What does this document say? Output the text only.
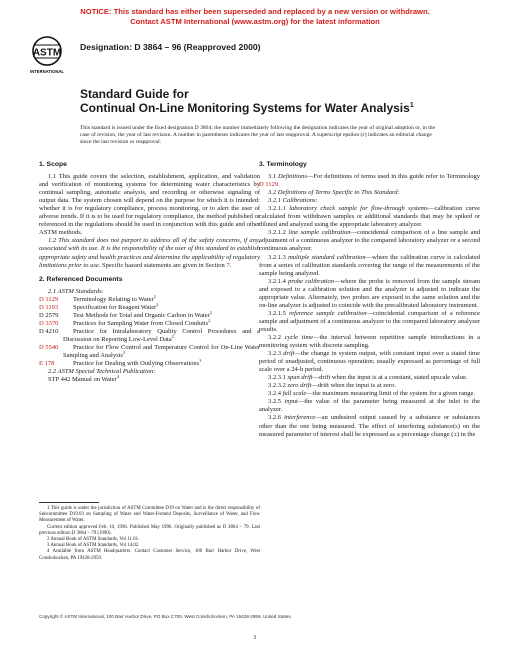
NOTICE: This standard has either been superseded and replaced by a new version or withdrawn.
Contact ASTM International (www.astm.org) for the latest information
ASTM
INTERNATIONAL
Designation: D 3864 – 96 (Reapproved 2000)
Standard Guide for
Continual On-Line Monitoring Systems for Water Analysis$^1$
This standard is issued under the fixed designation D 3864; the number immediately following the designation indicates the year of original adoption or, in the case of revision, the year of last revision. A number in parentheses indicates the year of last reapproval. A superscript epsilon (ε) indicates an editorial change since the last revision or reapproval.

1. Scope

1.1 This guide covers the selection, establishment, application, and validation and verification of monitoring systems for determining water characteristics by continual sampling, automatic analysis, and recording or otherwise signaling of output data. The system chosen will depend on the purpose for which it is intended: whether it is for regulatory compliance, process monitoring, or to alert the user of adverse trends. If it is to be used for regulatory compliance, the method published or referenced in the regulations should be used in conjunction with this guide and other ASTM methods.

1.2 This standard does not purport to address all of the safety concerns, if any, associated with its use. It is the responsibility of the user of this standard to establish appropriate safety and health practices and determine the applicability of regulatory limitations prior to use. Specific hazard statements are given in Section 7.

2. Referenced Documents

2.1 ASTM Standards:

D 1129 Terminology Relating to Water$^2$

D 1193 Specification for Reagent Water$^2$

D 2579 Test Methods for Total and Organic Carbon in Water$^2$

D 3370 Practices for Sampling Water from Closed Conduits$^2$

D 4210 Practice for Intralaboratory Quality Control Procedures and a Discussion on Reporting Low-Level Data$^2$

D 5540 Practice for Flow Control and Temperature Control for On-Line Water Sampling and Analysis$^2$

E 178	Practice for Dealing with Outlying Observations$^3$

2.2 ASTM Special Technical Publication:

STP 442 Manual on Water$^4$

3. Terminology

3.1 Definitions—For definitions of terms used in this guide refer to Terminology D 1129.

3.2 Definitions of Terms Specific to This Standard:

3.2.1 Calibrations:

3.2.1.1 laboratory check sample for flow-through systems—calibration curve calculated from withdrawn samples or additional standards that may be spiked or diluted and analyzed using the appropriate laboratory analyzer.

3.2.1.2 line sample calibration—coincidental comparison of a line sample and adjustment of a continuous analyzer to the compared laboratory analyzer or a second continuous analyzer.

3.2.1.3 multiple standard calibration—where the calibration curve is calculated from a series of calibration standards covering the range of the measurements of the sample being analyzed.

3.2.1.4 probe calibration—where the probe is removed from the sample stream and exposed to a calibration solution and the analyzer is adjusted to indicate the appropriate value. Alternately, two probes are exposed to the same solution and the on-line analyzer is adjusted to coincide with the precalibrated laboratory instrument.

3.2.1.5 reference sample calibration—coincidental comparison of a reference sample and adjustment of a continuous analyzer to the compared laboratory analyzer results.

3.2.2 cycle time—the interval between repetitive sample introductions in a monitoring system with discrete sampling.

3.2.3 drift—the change in system output, with constant input over a stated time period of unadjusted, continuous operation; usually expressed as percentage of full scale over a 24-h period.

3.2.3.1 span drift—drift when the input is at a constant, stated upscale value.

3.2.3.2 zero drift—drift when the input is at zero.

3.2.4 full scale—the maximum measuring limit of the system for a given range.

3.2.5 input—the value of the parameter being measured at the inlet to the analyzer.

3.2.6 interference—an undesired output caused by a substance or substances other than the one being measured. The effect of interfering substance(s) on the measured parameter of interest shall be expressed as a percentage change (±) in the

1 This guide is under the jurisdiction of ASTM Committee D19 on Water and is the direct responsibility of Subcommittee D19.03 on Sampling of Water and Water-Formed Deposits, Surveillance of Water, and Flow Measurement of Water.

Current edition approved Feb. 10, 1996. Published May 1996. Originally published as D 3864 – 79. Last previous edition D 3864 – 79 (1990).

2 Annual Book of ASTM Standards, Vol 11.01.

3 Annual Book of ASTM Standards, Vol 14.02.

4 Available from ASTM Headquarters. Contact Customer Service, 100 Barr Harbor Drive, West Conshohocken, PA 19428-2959.

Copyright © ASTM International, 100 Barr Harbor Drive, PO Box C700, West Conshohocken, PA 19428-2959, United States.
1
